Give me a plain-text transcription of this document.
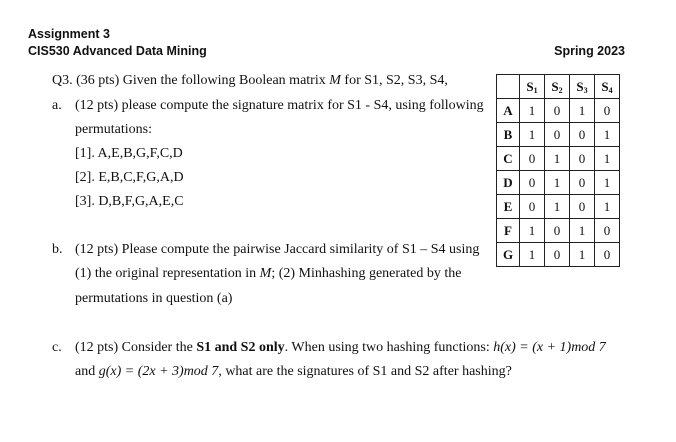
Assignment 3
CIS530 Advanced Data Mining	Spring 2023
Q3. (36 pts) Given the following Boolean matrix M for S1, S2, S3, S4,
a. (12 pts) please compute the signature matrix for S1 - S4, using following
permutations:
[1]. A,E,B,G,F,C,D
[2]. E,B,C,F,G,A,D
[3]. D,B,F,G,A,E,C
b. (12 pts) Please compute the pairwise Jaccard similarity of S1 – S4 using
(1) the original representation in M; (2) Minhashing generated by the
permutations in question (a)
c. (12 pts) Consider the S1 and S2 only. When using two hashing functions: h(x) = (x + 1)mod 7
and g(x) = (2x + 3)mod 7, what are the signatures of S1 and S2 after hashing?
	$S_1$	$S_2$	$S_3$	$S_4$
A	1	0	1	0
B	1	0	0	1
C	0	1	0	1
D	0	1	0	1
E	0	1	0	1
F	1	0	1	0
G	1	0	1	0
